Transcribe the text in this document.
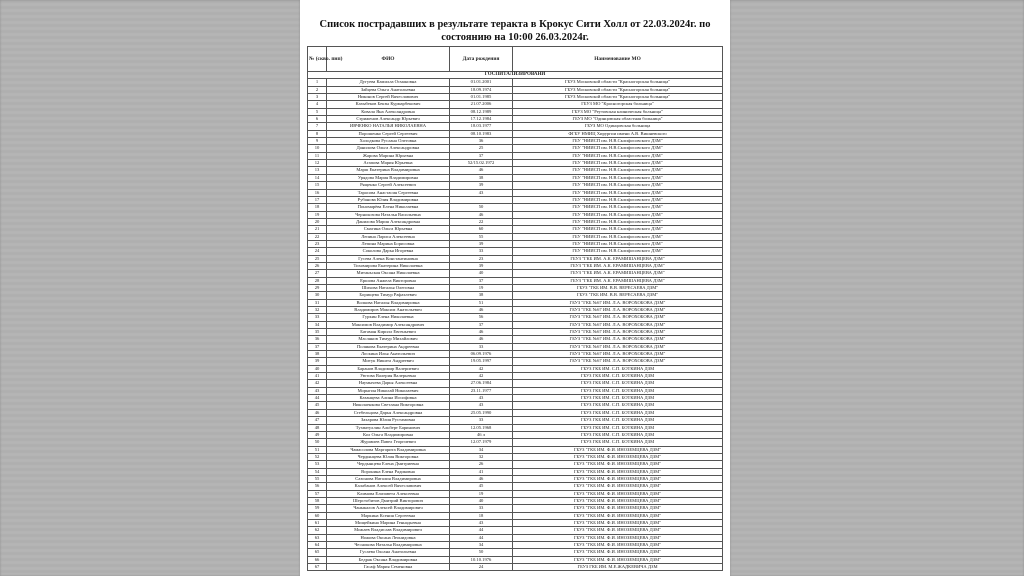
Список пострадавших в результате теракта в Крокус Сити Холл от 22.03.2024г. по состоянию на 10:00 26.03.2024г.
№ (скво. пнп)	ФИО	Дата рождения	Наименование МО
ГОСПИТАЛИЗИРОВАНИ			
1	Дугуева Камилла Османовна	01.01.2001	ГБУЗ Московской области "Красногорская больница"
2	Зайцева Ольга Анатольевна	18.09.1974	ГБУЗ Московской области "Красногорская больница"
3	Никонов Сергей Вячеславович	01.01.1985	ГБУЗ Московской области "Красногорская больница"
4	Казыбеков Бекзы Курмарбекович	21.07.2006	ГБУЗ МО "Красногорская больница"
5	Ковала Яна Александровна	08.12.1989	ГБУЗ МО "Реутовская клиническая больница"
6	Стриженов Александр Юрьевич	17.12.1984	ГБУЗ МО "Одинцовская областная больница"
7	ИВЧЕНКО НАТАЛЬЯ НИКОЛАЕВНА	18.03.1977	ГБУЗ МО Одинцовская больница
8	Порошенко Сергей Сергеевич	08.10.1983	ФГБУ НМИЦ Хирургии имени А.В. Вишневского
9	Холодкова Руслана Олеговна	36	ГБУ "НИИСП им. Н.В.Склифосовского ДЗМ"
10	Данилова Ольга Александровна	25	ГБУ "НИИСП им. Н.В.Склифосовского ДЗМ"
11	Жарова Марина Юрьевна	37	ГБУ "НИИСП им. Н.В.Склифосовского ДЗМ"
12	Агапова Мария Юрьевна	52/15.02.1972	ГБУ "НИИСП им. Н.В.Склифосовского ДЗМ"
13	Марш Екатерина Владимировна	46	ГБУ "НИИСП им. Н.В.Склифосовского ДЗМ"
14	Урядова Мария Владимировна	38	ГБУ "НИИСП им. Н.В.Склифосовского ДЗМ"
15	Рященко Сергей Алексеевич	39	ГБУ "НИИСП им. Н.В.Склифосовского ДЗМ"
16	Тарасова Анастасия Сергеевна	43	ГБУ "НИИСП им. Н.В.Склифосовского ДЗМ"
17	Рубанова Юлия Владимировна		ГБУ "НИИСП им. Н.В.Склифосовского ДЗМ"
18	Пономарёва Елена Николаевна	50	ГБУ "НИИСП им. Н.В.Склифосовского ДЗМ"
19	Чернокозова Наталья Васильевна	46	ГБУ "НИИСП им. Н.В.Склифосовского ДЗМ"
20	Данилова Мария Александровна	22	ГБУ "НИИСП им. Н.В.Склифосовского ДЗМ"
21	Смагина Ольга Юрьевна	60	ГБУ "НИИСП им. Н.В.Склифосовского ДЗМ"
22	Лепина Лариса Алексеевна	55	ГБУ "НИИСП им. Н.В.Склифосовского ДЗМ"
23	Лепина Марина Борисовна	39	ГБУ "НИИСП им. Н.В.Склифосовского ДЗМ"
24	Соколова Дарья Игоревна	33	ГБУ "НИИСП им. Н.В.Склифосовского ДЗМ"
25	Гусева Алена Константиновна	23	ГБУЗ "ГКБ ИМ. А.К. ЕРАМИШАНЦЕВА ДЗМ"
26	Тихомирова Екатерина Николаевна	39	ГБУЗ "ГКБ ИМ. А.К. ЕРАМИШАНЦЕВА ДЗМ"
27	Митаньская Оксана Николаевна	40	ГБУЗ "ГКБ ИМ. А.К. ЕРАМИШАНЦЕВА ДЗМ"
28	Ершова Анжела Викторовна	37	ГБУЗ "ГКБ ИМ. А.К. ЕРАМИШАНЦЕВА ДЗМ"
29	Шихова Наталья Олеговна	19	ГБУЗ "ГКБ ИМ. В.В. ВЕРЕСАЕВА ДЗМ"
30	Борищева Тимур Рафаэлевич	38	ГБУЗ "ГКБ ИМ. В.В. ВЕРЕСАЕВА ДЗМ"
31	Волкова Наталья Владимировна	51	ГБУЗ "ГКБ №67 ИМ. Л.А. ВОРОХОБОВА ДЗМ"
32	Владимиров Максим Анатольевич	46	ГБУЗ "ГКБ №67 ИМ. Л.А. ВОРОХОБОВА ДЗМ"
33	Гуркин Елена Николаевна	56	ГБУЗ "ГКБ №67 ИМ. Л.А. ВОРОХОБОВА ДЗМ"
34	Максимов Владимир Александрович	37	ГБУЗ "ГКБ №67 ИМ. Л.А. ВОРОХОБОВА ДЗМ"
35	Батаман Кирилл Евгеньевич	46	ГБУЗ "ГКБ №67 ИМ. Л.А. ВОРОХОБОВА ДЗМ"
36	Маслянов Тимур Михайлович	46	ГБУЗ "ГКБ №67 ИМ. Л.А. ВОРОХОБОВА ДЗМ"
37	Полякова Екатерина Андреевна	33	ГБУЗ "ГКБ №67 ИМ. Л.А. ВОРОХОБОВА ДЗМ"
38	Лоскина Илья Анатольевич	06.09.1976	ГБУЗ "ГКБ №67 ИМ. Л.А. ВОРОХОБОВА ДЗМ"
39	Митук Никита Андреевич	19.05.1997	ГБУЗ "ГКБ №67 ИМ. Л.А. ВОРОХОБОВА ДЗМ"
40	Баранов Владимир Валериевич	42	ГБУЗ ГКБ ИМ. С.П. БОТКИНА ДЗМ
41	Уютова Валерия Валерьевна	42	ГБУЗ ГКБ ИМ. С.П. БОТКИНА ДЗМ
42	Наумычева Дарья Алексеевна	27.06.1984	ГБУЗ ГКБ ИМ. С.П. БОТКИНА ДЗМ
43	Морыгин Николай Николаевич	23.11.1977	ГБУЗ ГКБ ИМ. С.П. БОТКИНА ДЗМ
44	Казанцева Алина Иосифовна	43	ГБУЗ ГКБ ИМ. С.П. БОТКИНА ДЗМ
45	Николаенкова Светлана Викторовна	43	ГБУЗ ГКБ ИМ. С.П. БОТКИНА ДЗМ
46	Стебельцова Дарья Александровна	25.05.1990	ГБУЗ ГКБ ИМ. С.П. БОТКИНА ДЗМ
47	Захарова Юлия Рустамовна	33	ГБУЗ ГКБ ИМ. С.П. БОТКИНА ДЗМ
48	Тухватуллин Альберт Баринович	12.05.1968	ГБУЗ ГКБ ИМ. С.П. БОТКИНА ДЗМ
49	Кол Ольга Владимировна	46 л	ГБУЗ ГКБ ИМ. С.П. БОТКИНА ДЗМ
50	Журавлев Павел Георгиевич	12.07.1979	ГБУЗ ГКБ ИМ. С.П. БОТКИНА ДЗМ
51	Чамасолова Маргарита Владимировна	34	ГБУЗ "ГКБ ИМ. Ф.И. ИНОЗЕМЦЕВА ДЗМ"
52	Чердынцева Юлия Викторовна	32	ГБУЗ "ГКБ ИМ. Ф.И. ИНОЗЕМЦЕВА ДЗМ"
53	Чердынцева Елена Дмитриевна	26	ГБУЗ "ГКБ ИМ. Ф.И. ИНОЗЕМЦЕВА ДЗМ"
54	Воронина Елена Радиковна	41	ГБУЗ "ГКБ ИМ. Ф.И. ИНОЗЕМЦЕВА ДЗМ"
55	Сазонова Наталия Владимировна	46	ГБУЗ "ГКБ ИМ. Ф.И. ИНОЗЕМЦЕВА ДЗМ"
56	Калабанов Алексей Вячеславович	45	ГБУЗ "ГКБ ИМ. Ф.И. ИНОЗЕМЦЕВА ДЗМ"
57	Климова Елизавета Алексеевна	19	ГБУЗ "ГКБ ИМ. Ф.И. ИНОЗЕМЦЕВА ДЗМ"
58	Шерстобитов Дмитрий Викторович	40	ГБУЗ "ГКБ ИМ. Ф.И. ИНОЗЕМЦЕВА ДЗМ"
59	Чаныкалов Алексей Владимирович	33	ГБУЗ "ГКБ ИМ. Ф.И. ИНОЗЕМЦЕВА ДЗМ"
60	Маркина Ксения Сергеевна	18	ГБУЗ "ГКБ ИМ. Ф.И. ИНОЗЕМЦЕВА ДЗМ"
61	Мищейкина Марина Геннадьевна	43	ГБУЗ "ГКБ ИМ. Ф.И. ИНОЗЕМЦЕВА ДЗМ"
62	Можаев Владислав Владимирович	44	ГБУЗ "ГКБ ИМ. Ф.И. ИНОЗЕМЦЕВА ДЗМ"
63	Ножова Оксана Леонидовна	44	ГБУЗ "ГКБ ИМ. Ф.И. ИНОЗЕМЦЕВА ДЗМ"
64	Чеснокова Наталья Владимировна	34	ГБУЗ "ГКБ ИМ. Ф.И. ИНОЗЕМЦЕВА ДЗМ"
65	Гусаева Оксана Анатольевна	50	ГБУЗ "ГКБ ИМ. Ф.И. ИНОЗЕМЦЕВА ДЗМ"
66	Бедрак Оксана Владимировна	10.10.1976	ГБУЗ "ГКБ ИМ. Ф.И. ИНОЗЕМЦЕВА ДЗМ"
67	Гасаф Мария Семеновна	24	ГБУЗ ГКБ ИМ. М.Е.ЖАДКЕВИЧА ДЗМ
